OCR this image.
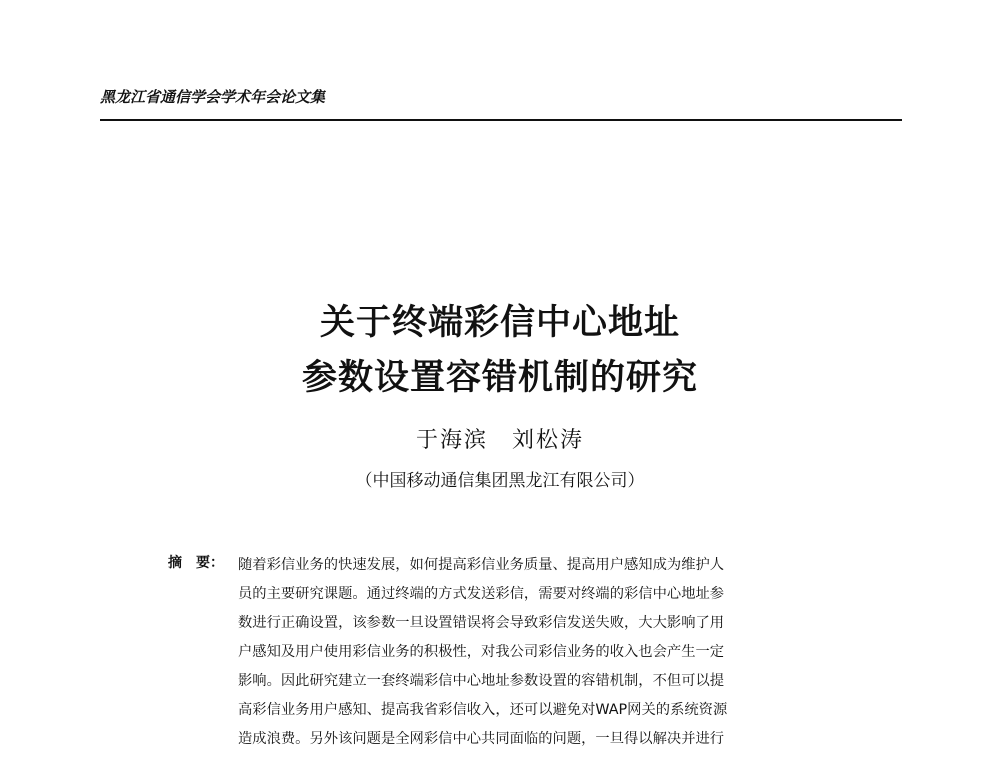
黑龙江省通信学会学术年会论文集
关于终端彩信中心地址
参数设置容错机制的研究
于海滨　刘松涛
（中国移动通信集团黑龙江有限公司）
摘　要： 随着彩信业务的快速发展，如何提高彩信业务质量、提高用户感知成为维护人
员的主要研究课题。通过终端的方式发送彩信，需要对终端的彩信中心地址参
数进行正确设置，该参数一旦设置错误将会导致彩信发送失败，大大影响了用
户感知及用户使用彩信业务的积极性，对我公司彩信业务的收入也会产生一定
影响。因此研究建立一套终端彩信中心地址参数设置的容错机制，不但可以提
高彩信业务用户感知、提高我省彩信收入，还可以避免对WAP网关的系统资源
造成浪费。另外该问题是全网彩信中心共同面临的问题，一旦得以解决并进行
